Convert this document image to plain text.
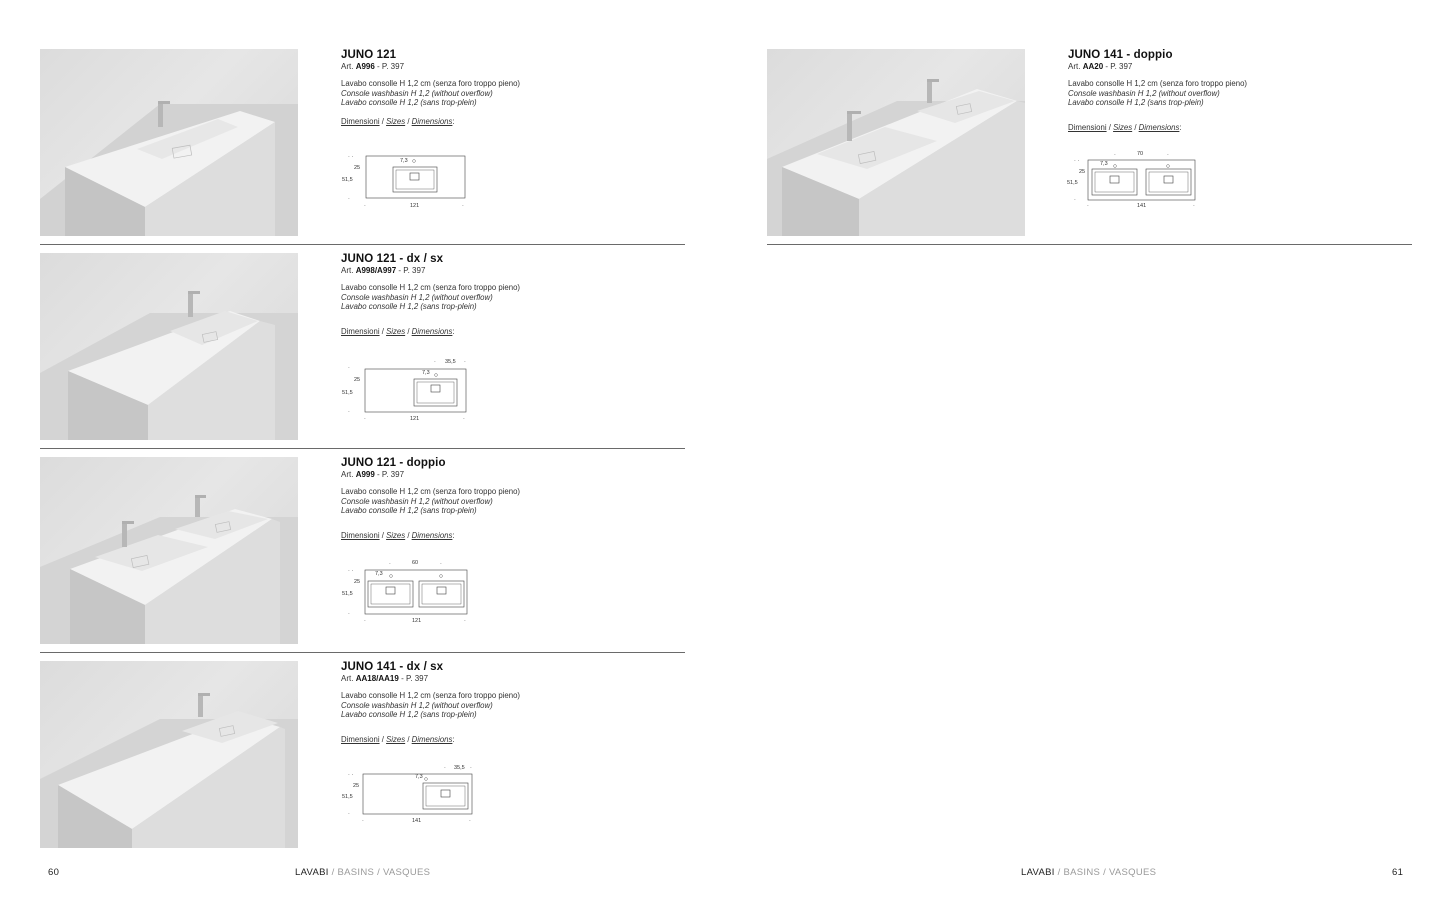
JUNO 121
Art. A996 - P. 397
Lavabo consolle H 1,2 cm (senza foro troppo pieno)
Console washbasin H 1,2 (without overflow)
Lavabo consolle H 1,2 (sans trop-plein)
Dimensioni / Sizes / Dimensions:
7,3
25
51,5
121
· ·
·
·	·
JUNO 121 - dx / sx
Art. A998/A997 - P. 397
Lavabo consolle H 1,2 cm (senza foro troppo pieno)
Console washbasin H 1,2 (without overflow)
Lavabo consolle H 1,2 (sans trop-plein)
Dimensioni / Sizes / Dimensions:
7,3
35,5
25
51,5
121
·	·
·
·
·	·
JUNO 121 - doppio
Art. A999 - P. 397
Lavabo consolle H 1,2 cm (senza foro troppo pieno)
Console washbasin H 1,2 (without overflow)
Lavabo consolle H 1,2 (sans trop-plein)
Dimensioni / Sizes / Dimensions:
60
7,3
25
51,5
121
·	·
· ·
·
·	·
JUNO 141 - dx / sx
Art. AA18/AA19 - P. 397
Lavabo consolle H 1,2 cm (senza foro troppo pieno)
Console washbasin H 1,2 (without overflow)
Lavabo consolle H 1,2 (sans trop-plein)
Dimensioni / Sizes / Dimensions:
7,3
35,5
25
51,5
141
·	·
· ·
·
·	·
JUNO 141 - doppio
Art. AA20 - P. 397
Lavabo consolle H 1,2 cm (senza foro troppo pieno)
Console washbasin H 1,2 (without overflow)
Lavabo consolle H 1,2 (sans trop-plein)
Dimensioni / Sizes / Dimensions:
70
7,3
25
51,5
141
·	·
· ·
·
·	·
60	LAVABI / BASINS / VASQUES	LAVABI / BASINS / VASQUES	61
